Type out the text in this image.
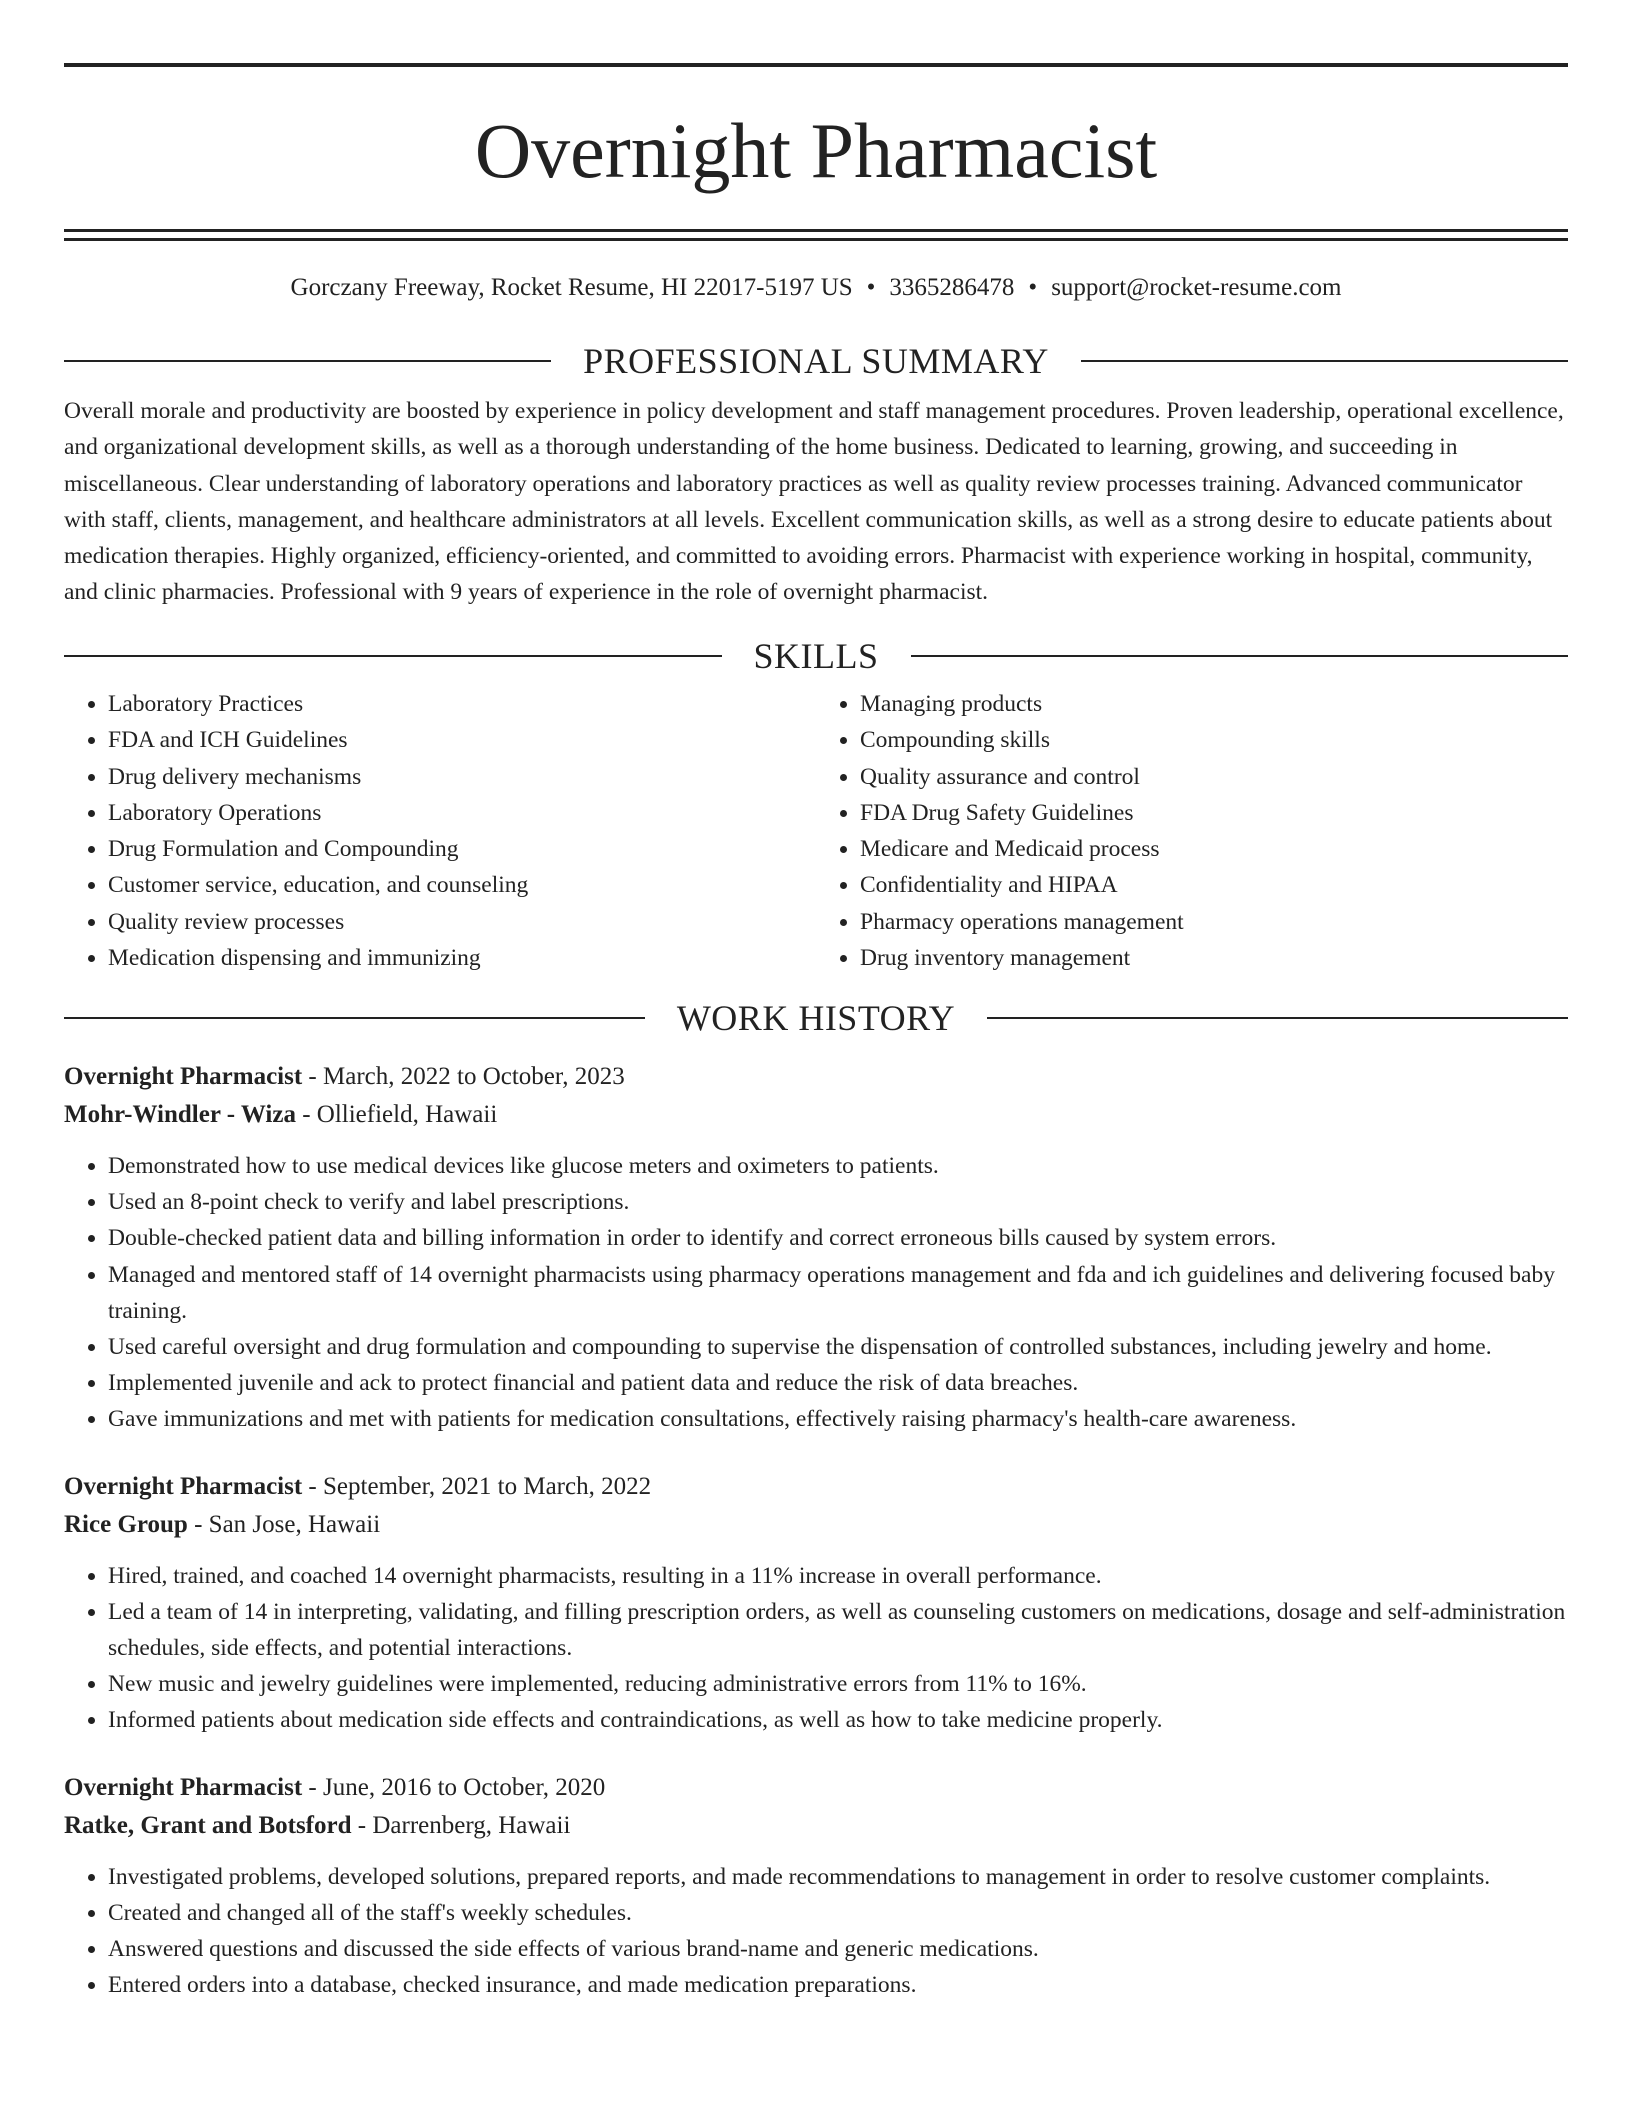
Overnight Pharmacist
Gorczany Freeway, Rocket Resume, HI 22017-5197 US • 3365286478 • support@rocket-resume.com
PROFESSIONAL SUMMARY

Overall morale and productivity are boosted by experience in policy development and staff management procedures. Proven leadership, operational excellence, and organizational development skills, as well as a thorough understanding of the home business. Dedicated to learning, growing, and succeeding in miscellaneous. Clear understanding of laboratory operations and laboratory practices as well as quality review processes training. Advanced communicator with staff, clients, management, and healthcare administrators at all levels. Excellent communication skills, as well as a strong desire to educate patients about medication therapies. Highly organized, efficiency-oriented, and committed to avoiding errors. Pharmacist with experience working in hospital, community, and clinic pharmacies. Professional with 9 years of experience in the role of overnight pharmacist.

SKILLS
• Laboratory Practices
• FDA and ICH Guidelines
• Drug delivery mechanisms
• Laboratory Operations
• Drug Formulation and Compounding
• Customer service, education, and counseling
• Quality review processes
• Medication dispensing and immunizing
• Managing products
• Compounding skills
• Quality assurance and control
• FDA Drug Safety Guidelines
• Medicare and Medicaid process
• Confidentiality and HIPAA
• Pharmacy operations management
• Drug inventory management
WORK HISTORY
Overnight Pharmacist - March, 2022 to October, 2023
Mohr-Windler - Wiza - Olliefield, Hawaii
• Demonstrated how to use medical devices like glucose meters and oximeters to patients.
• Used an 8-point check to verify and label prescriptions.
• Double-checked patient data and billing information in order to identify and correct erroneous bills caused by system errors.
• Managed and mentored staff of 14 overnight pharmacists using pharmacy operations management and fda and ich guidelines and delivering focused baby training.
• Used careful oversight and drug formulation and compounding to supervise the dispensation of controlled substances, including jewelry and home.
• Implemented juvenile and ack to protect financial and patient data and reduce the risk of data breaches.
• Gave immunizations and met with patients for medication consultations, effectively raising pharmacy's health-care awareness.
Overnight Pharmacist - September, 2021 to March, 2022
Rice Group - San Jose, Hawaii
• Hired, trained, and coached 14 overnight pharmacists, resulting in a 11% increase in overall performance.
• Led a team of 14 in interpreting, validating, and filling prescription orders, as well as counseling customers on medications, dosage and self-administration schedules, side effects, and potential interactions.
• New music and jewelry guidelines were implemented, reducing administrative errors from 11% to 16%.
• Informed patients about medication side effects and contraindications, as well as how to take medicine properly.
Overnight Pharmacist - June, 2016 to October, 2020
Ratke, Grant and Botsford - Darrenberg, Hawaii
• Investigated problems, developed solutions, prepared reports, and made recommendations to management in order to resolve customer complaints.
• Created and changed all of the staff's weekly schedules.
• Answered questions and discussed the side effects of various brand-name and generic medications.
• Entered orders into a database, checked insurance, and made medication preparations.
